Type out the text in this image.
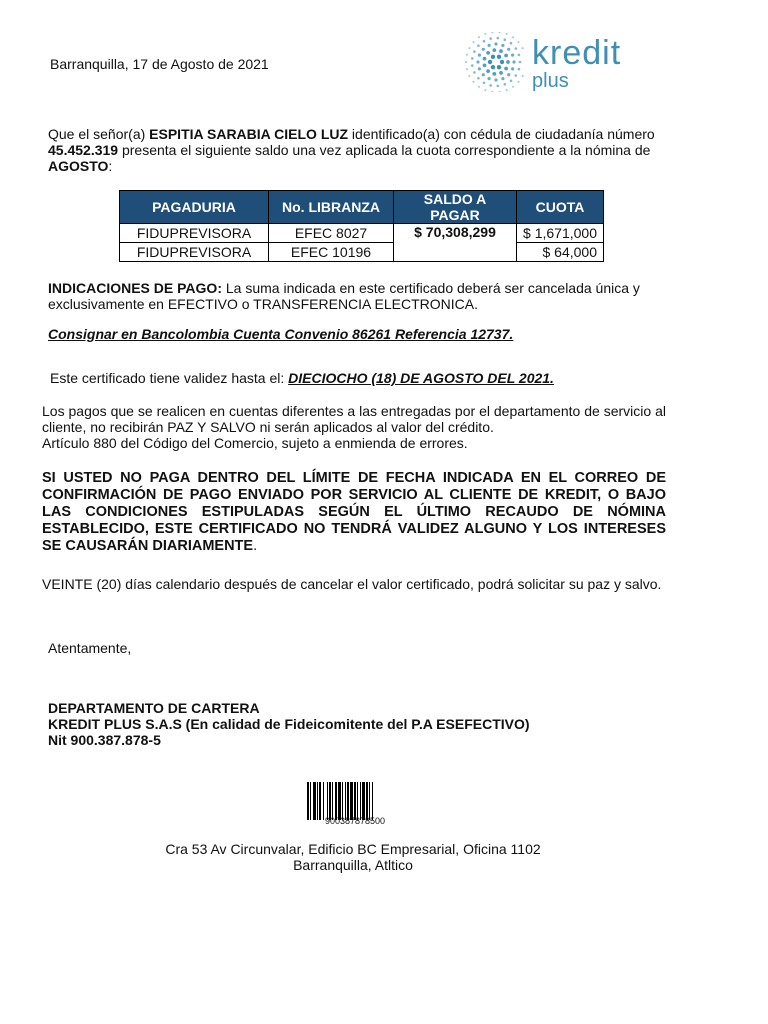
Barranquilla, 17 de Agosto de 2021	kredit
plus
Que el señor(a) ESPITIA SARABIA CIELO LUZ identificado(a) con cédula de ciudadanía número 45.452.319 presenta el siguiente saldo una vez aplicada la cuota correspondiente a la nómina de AGOSTO:
PAGADURIA	No. LIBRANZA	SALDO A PAGAR	CUOTA
FIDUPREVISORA	EFEC 8027	$ 70,308,299	$ 1,671,000
FIDUPREVISORA	EFEC 10196		$ 64,000
INDICACIONES DE PAGO: La suma indicada en este certificado deberá ser cancelada única y exclusivamente en EFECTIVO o TRANSFERENCIA ELECTRONICA.
Consignar en Bancolombia Cuenta Convenio 86261 Referencia 12737.
Este certificado tiene validez hasta el: DIECIOCHO (18) DE AGOSTO DEL 2021.
Los pagos que se realicen en cuentas diferentes a las entregadas por el departamento de servicio al cliente, no recibirán PAZ Y SALVO ni serán aplicados al valor del crédito.
Artículo 880 del Código del Comercio, sujeto a enmienda de errores.
SI USTED NO PAGA DENTRO DEL LÍMITE DE FECHA INDICADA EN EL CORREO DE CONFIRMACIÓN DE PAGO ENVIADO POR SERVICIO AL CLIENTE DE KREDIT, O BAJO LAS CONDICIONES ESTIPULADAS SEGÚN EL ÚLTIMO RECAUDO DE NÓMINA ESTABLECIDO, ESTE CERTIFICADO NO TENDRÁ VALIDEZ ALGUNO Y LOS INTERESES SE CAUSARÁN DIARIAMENTE.
VEINTE (20) días calendario después de cancelar el valor certificado, podrá solicitar su paz y salvo.
Atentamente,
DEPARTAMENTO DE CARTERA
KREDIT PLUS S.A.S (En calidad de Fideicomitente del P.A ESEFECTIVO)
Nit 900.387.878-5
900387878500
Cra 53 Av Circunvalar, Edificio BC Empresarial, Oficina 1102
Barranquilla, Atltico
